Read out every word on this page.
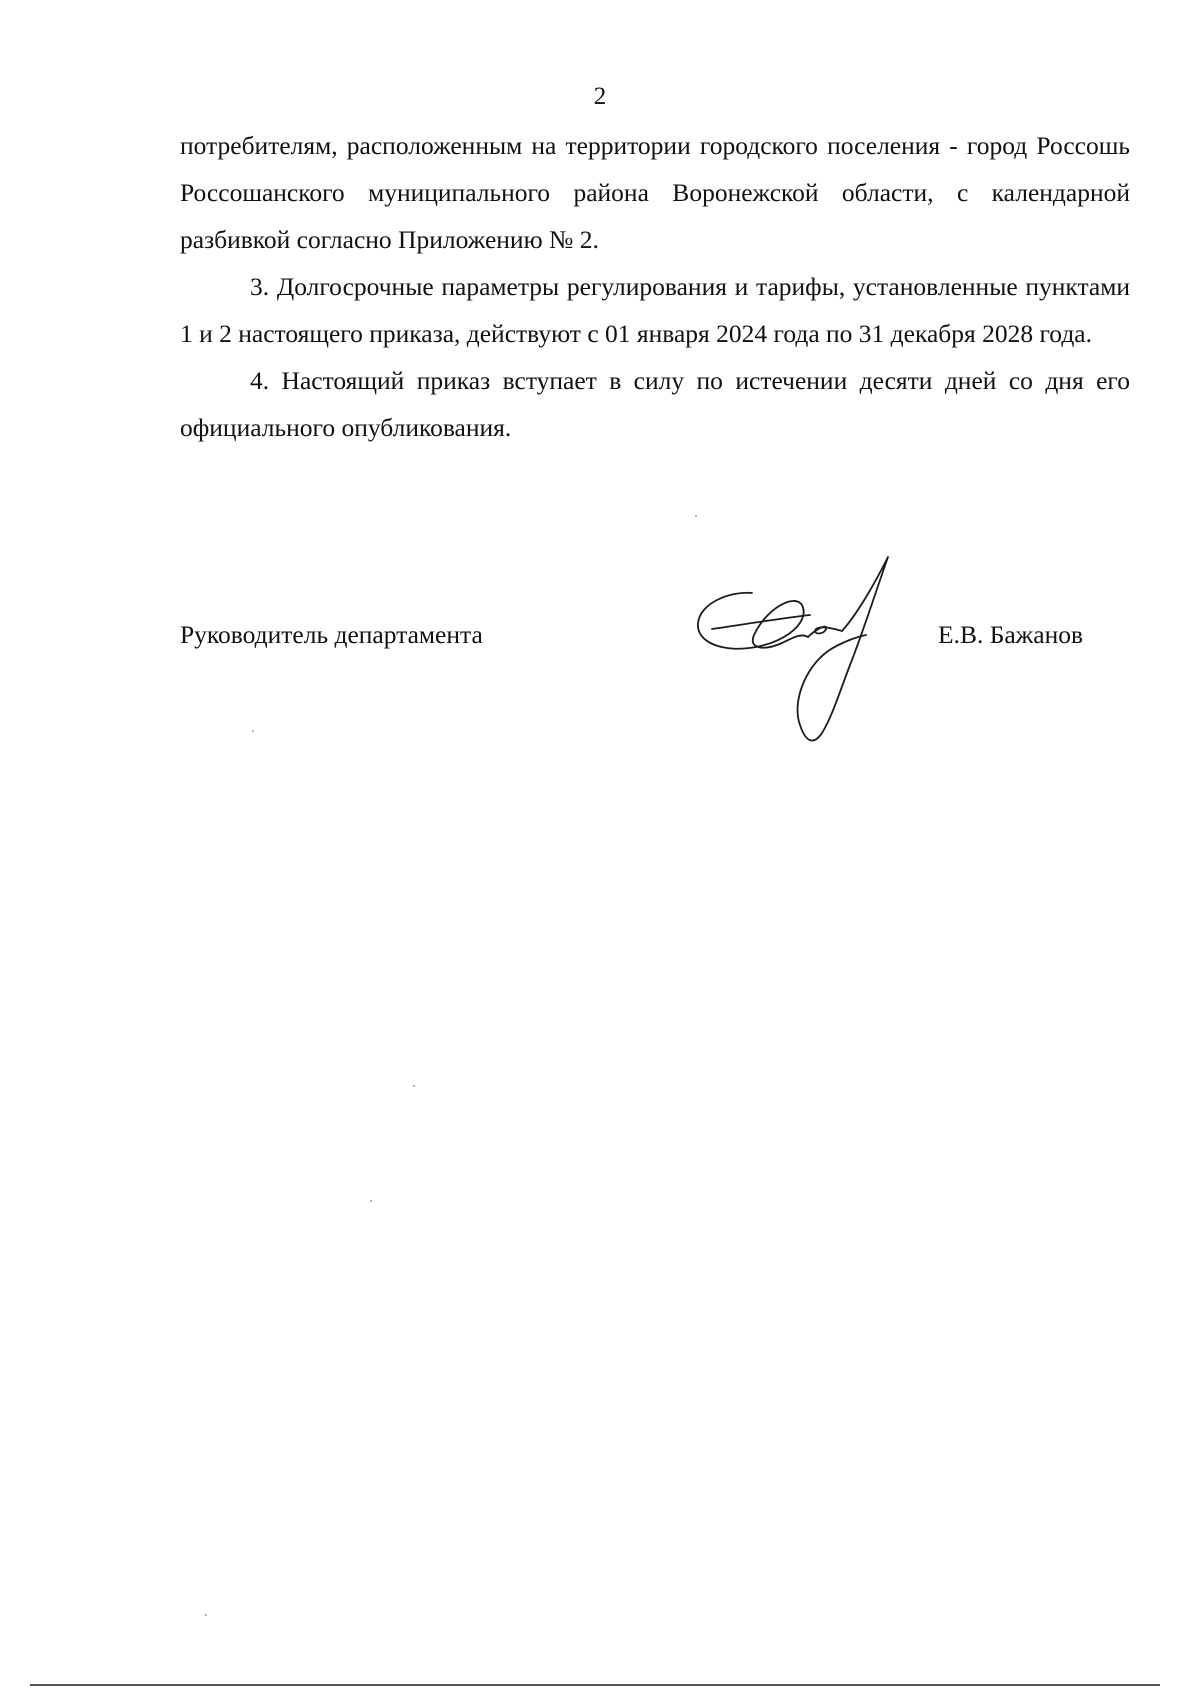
2

потребителям, расположенным на территории городского поселения - город Россошь Россошанского муниципального района Воронежской области, с календарной разбивкой согласно Приложению № 2.

3. Долгосрочные параметры регулирования и тарифы, установленные пунктами 1 и 2 настоящего приказа, действуют с 01 января 2024 года по 31 декабря 2028 года.

4. Настоящий приказ вступает в силу по истечении десяти дней со дня его официального опубликования.

Руководитель департамента	Е.В. Бажанов
